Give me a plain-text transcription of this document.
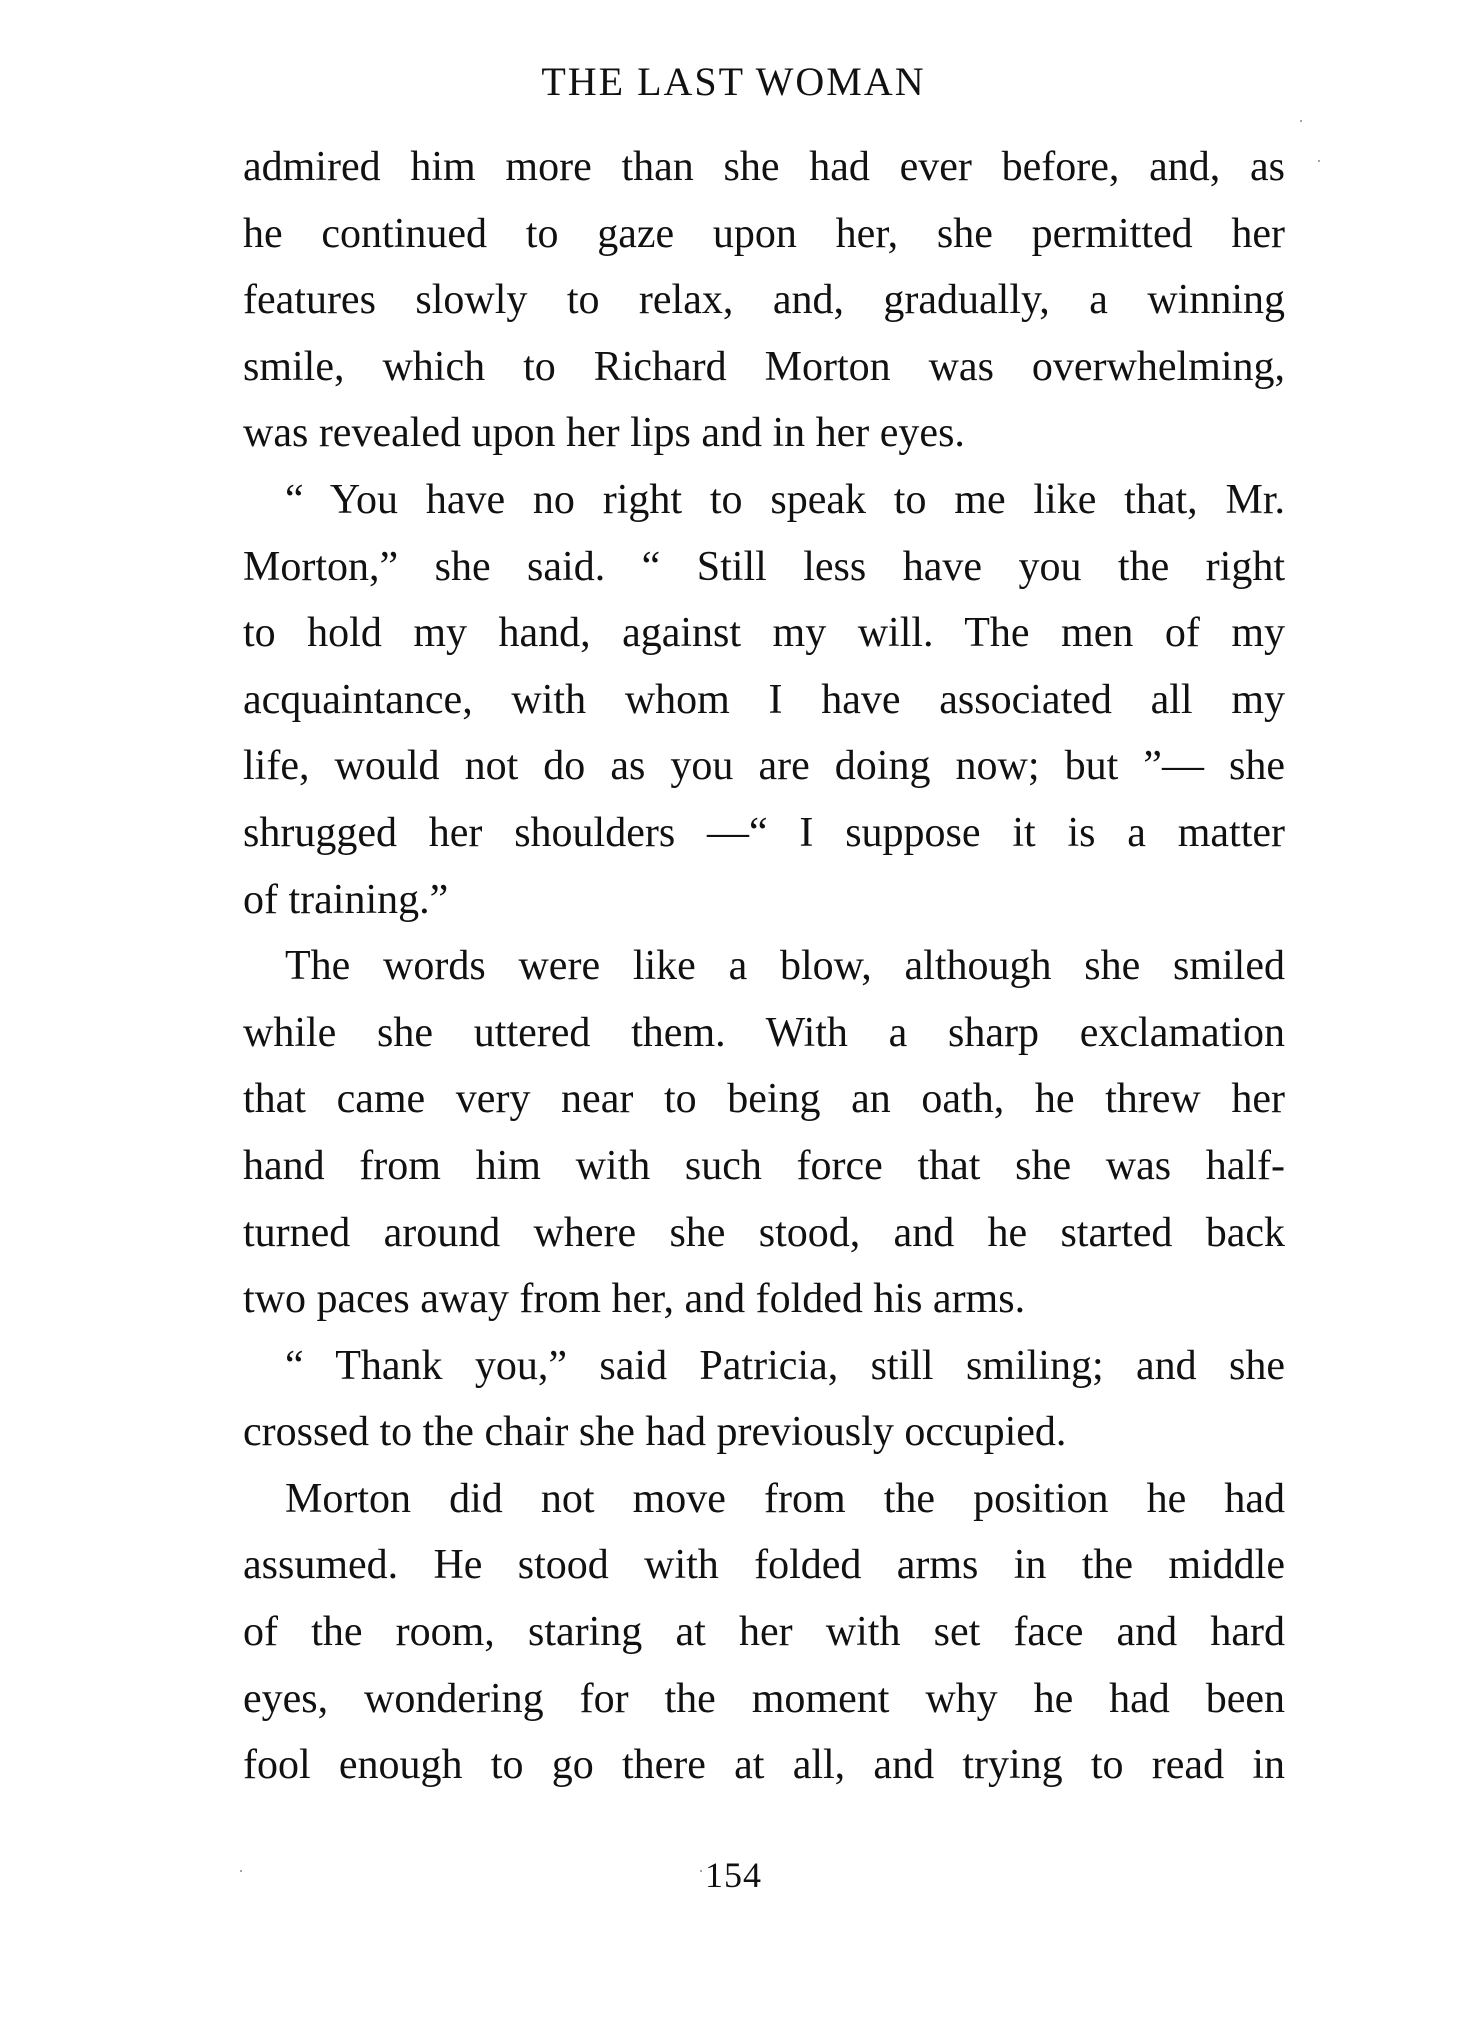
THE LAST WOMAN
admired him more than she had ever before, and, as
he continued to gaze upon her, she permitted her
features slowly to relax, and, gradually, a winning
smile, which to Richard Morton was overwhelming,
was revealed upon her lips and in her eyes.
“ You have no right to speak to me like that, Mr.
Morton,” she said. “ Still less have you the right
to hold my hand, against my will. The men of my
acquaintance, with whom I have associated all my
life, would not do as you are doing now; but ”— she
shrugged her shoulders —“ I suppose it is a matter
of training.”
The words were like a blow, although she smiled
while she uttered them. With a sharp exclamation
that came very near to being an oath, he threw her
hand from him with such force that she was half-
turned around where she stood, and he started back
two paces away from her, and folded his arms.
“ Thank you,” said Patricia, still smiling; and she
crossed to the chair she had previously occupied.
Morton did not move from the position he had
assumed. He stood with folded arms in the middle
of the room, staring at her with set face and hard
eyes, wondering for the moment why he had been
fool enough to go there at all, and trying to read in
154
